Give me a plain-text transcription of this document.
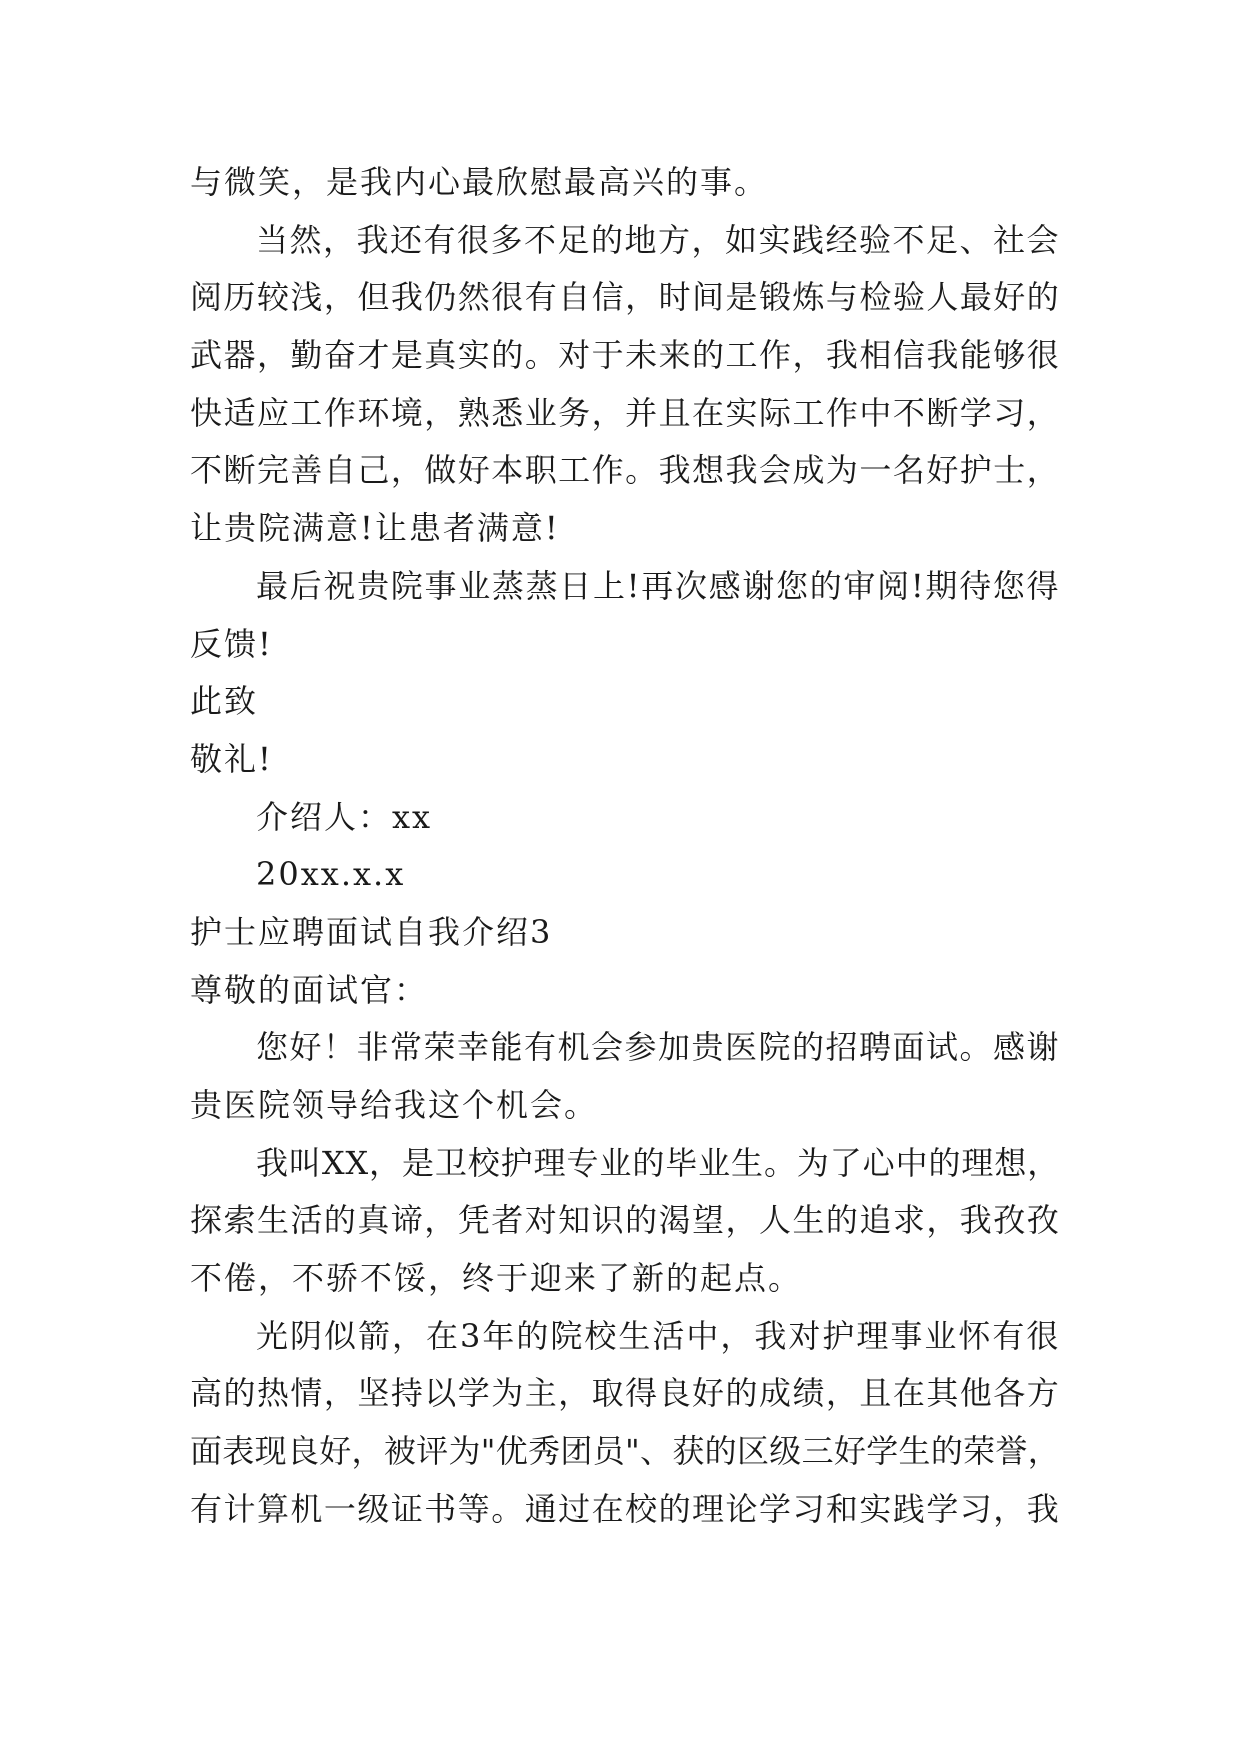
与微笑，是我内心最欣慰最高兴的事。
当然，我还有很多不足的地方，如实践经验不足、社会
阅历较浅，但我仍然很有自信，时间是锻炼与检验人最好的
武器，勤奋才是真实的。对于未来的工作，我相信我能够很
快适应工作环境，熟悉业务，并且在实际工作中不断学习，
不断完善自己，做好本职工作。我想我会成为一名好护士，
让贵院满意!让患者满意!
最后祝贵院事业蒸蒸日上!再次感谢您的审阅!期待您得
反馈!
此致
敬礼!
介绍人：xx
20xx.x.x
护士应聘面试自我介绍3
尊敬的面试官：
您好！非常荣幸能有机会参加贵医院的招聘面试。感谢
贵医院领导给我这个机会。
我叫XX，是卫校护理专业的毕业生。为了心中的理想，
探索生活的真谛，凭者对知识的渴望，人生的追求，我孜孜
不倦，不骄不馁，终于迎来了新的起点。
光阴似箭，在3年的院校生活中，我对护理事业怀有很
高的热情，坚持以学为主，取得良好的成绩，且在其他各方
面表现良好，被评为"优秀团员"、获的区级三好学生的荣誉，
有计算机一级证书等。通过在校的理论学习和实践学习，我
